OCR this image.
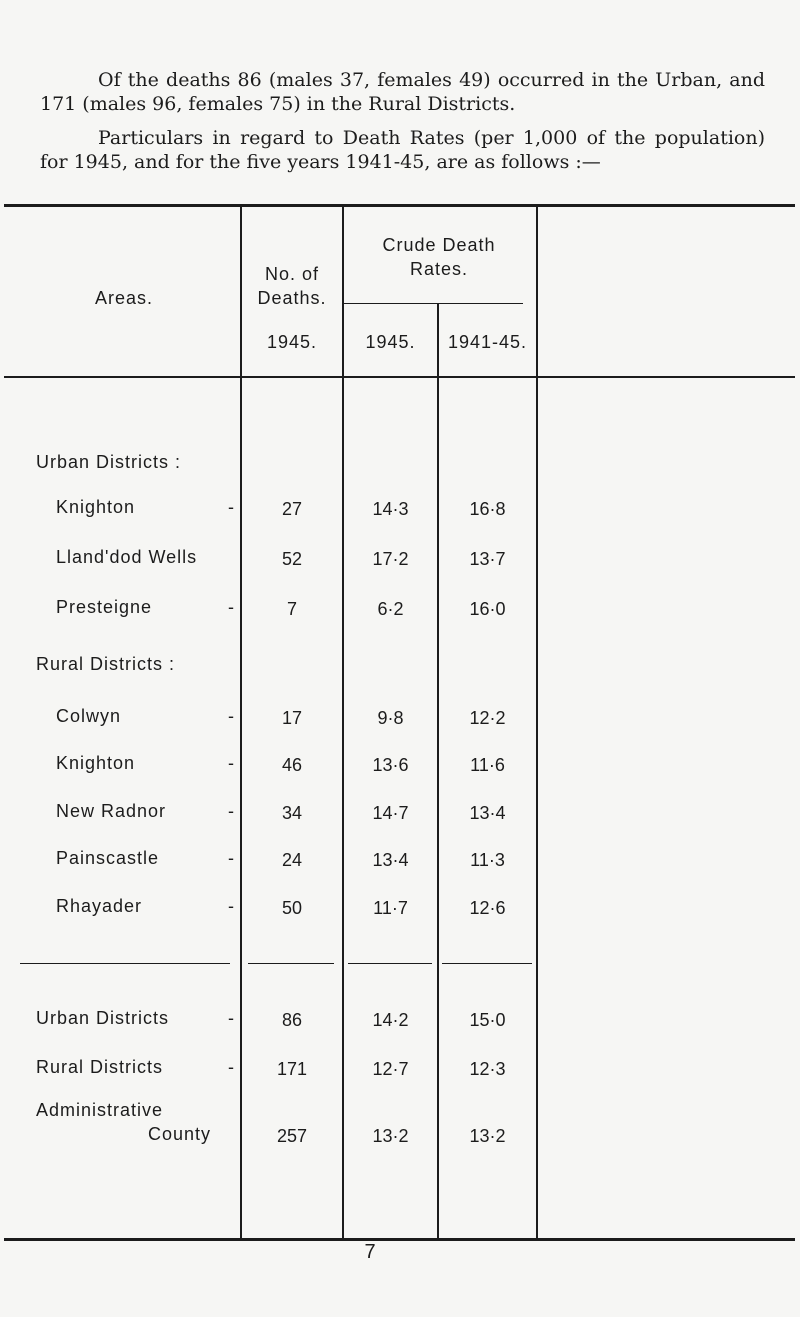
Of the deaths 86 (males 37, females 49) occurred in the Urban, and 171 (males 96, females 75) in the Rural Districts.
Particulars in regard to Death Rates (per 1,000 of the population) for 1945, and for the five years 1941-45, are as follows :—
Areas.
No. of
Deaths.
1945.
Crude Death
Rates.
1945.	1941-45.
Urban Districts :
Knighton	-	27	14·3	16·8
Lland'dod Wells	52	17·2	13·7
Presteigne	-	7	6·2	16·0
Rural Districts :
Colwyn	-	17	9·8	12·2
Knighton	-	46	13·6	11·6
New Radnor	-	34	14·7	13·4
Painscastle	-	24	13·4	11·3
Rhayader	-	50	11·7	12·6
Urban Districts	-	86	14·2	15·0
Rural Districts	-	171	12·7	12·3
Administrative
County	257	13·2	13·2
7
